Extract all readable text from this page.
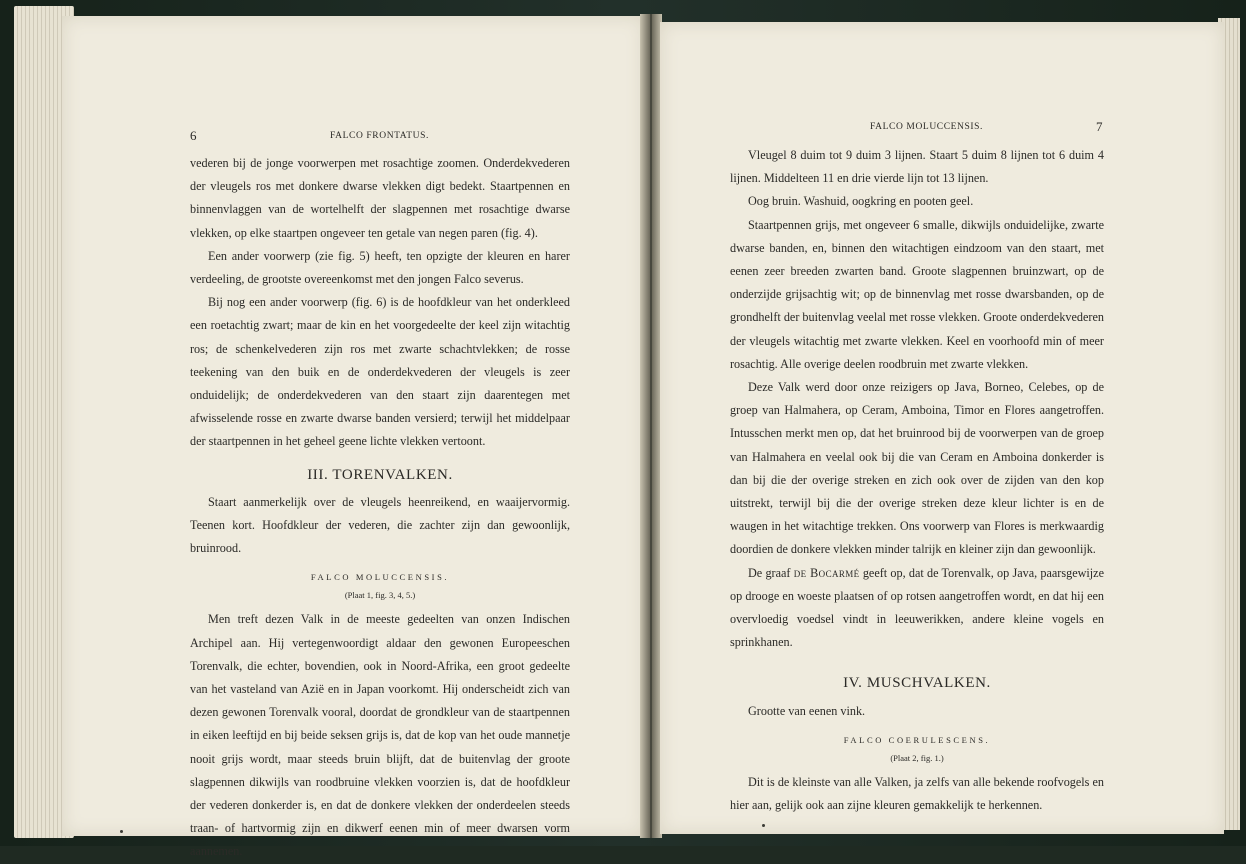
6	FALCO FRONTATUS.

vederen bij de jonge voorwerpen met rosachtige zoomen. Onderdekvederen der vleugels ros met donkere dwarse vlekken digt bedekt. Staartpennen en binnenvlaggen van de wortelhelft der slagpennen met rosachtige dwarse vlekken, op elke staartpen ongeveer ten getale van negen paren (fig. 4).

Een ander voorwerp (zie fig. 5) heeft, ten opzigte der kleuren en harer verdeeling, de grootste overeenkomst met den jongen Falco severus.

Bij nog een ander voorwerp (fig. 6) is de hoofdkleur van het onderkleed een roetachtig zwart; maar de kin en het voorgedeelte der keel zijn witachtig ros; de schenkelvederen zijn ros met zwarte schachtvlekken; de rosse teekening van den buik en de onderdekvederen der vleugels is zeer onduidelijk; de onderdekvederen van den staart zijn daarentegen met afwisselende rosse en zwarte dwarse banden versierd; terwijl het middelpaar der staartpennen in het geheel geene lichte vlekken vertoont.

III. TORENVALKEN.

Staart aanmerkelijk over de vleugels heenreikend, en waaijervormig. Teenen kort. Hoofdkleur der vederen, die zachter zijn dan gewoonlijk, bruinrood.

FALCO MOLUCCENSIS.
(Plaat 1, fig. 3, 4, 5.)

Men treft dezen Valk in de meeste gedeelten van onzen Indischen Archipel aan. Hij vertegenwoordigt aldaar den gewonen Europeeschen Torenvalk, die echter, bovendien, ook in Noord-Afrika, een groot gedeelte van het vasteland van Azië en in Japan voorkomt. Hij onderscheidt zich van dezen gewonen Torenvalk vooral, doordat de grondkleur van de staartpennen in eiken leeftijd en bij beide seksen grijs is, dat de kop van het oude mannetje nooit grijs wordt, maar steeds bruin blijft, dat de buitenvlag der groote slagpennen dikwijls van roodbruine vlekken voorzien is, dat de hoofdkleur der vederen donkerder is, en dat de donkere vlekken der onderdeelen steeds traan- of hartvormig zijn en dikwerf eenen min of meer dwarsen vorm aannemen.

FALCO MOLUCCENSIS.	7

Vleugel 8 duim tot 9 duim 3 lijnen. Staart 5 duim 8 lijnen tot 6 duim 4 lijnen. Middelteen 11 en drie vierde lijn tot 13 lijnen.

Oog bruin. Washuid, oogkring en pooten geel.

Staartpennen grijs, met ongeveer 6 smalle, dikwijls onduidelijke, zwarte dwarse banden, en, binnen den witachtigen eindzoom van den staart, met eenen zeer breeden zwarten band. Groote slagpennen bruinzwart, op de onderzijde grijsachtig wit; op de binnenvlag met rosse dwarsbanden, op de grondhelft der buitenvlag veelal met rosse vlekken. Groote onderdekvederen der vleugels witachtig met zwarte vlekken. Keel en voorhoofd min of meer rosachtig. Alle overige deelen roodbruin met zwarte vlekken.

Deze Valk werd door onze reizigers op Java, Borneo, Celebes, op de groep van Halmahera, op Ceram, Amboina, Timor en Flores aangetroffen. Intusschen merkt men op, dat het bruinrood bij de voorwerpen van de groep van Halmahera en veelal ook bij die van Ceram en Amboina donkerder is dan bij die der overige streken en zich ook over de zijden van den kop uitstrekt, terwijl bij die der overige streken deze kleur lichter is en de waugen in het witachtige trekken. Ons voorwerp van Flores is merkwaardig doordien de donkere vlekken minder talrijk en kleiner zijn dan gewoonlijk.

De graaf de Bocarmé geeft op, dat de Torenvalk, op Java, paarsgewijze op drooge en woeste plaatsen of op rotsen aangetroffen wordt, en dat hij een overvloedig voedsel vindt in leeuwerikken, andere kleine vogels en sprinkhanen.

IV. MUSCHVALKEN.

Grootte van eenen vink.

FALCO COERULESCENS.
(Plaat 2, fig. 1.)

Dit is de kleinste van alle Valken, ja zelfs van alle bekende roofvogels en hier aan, gelijk ook aan zijne kleuren gemakkelijk te herkennen.
